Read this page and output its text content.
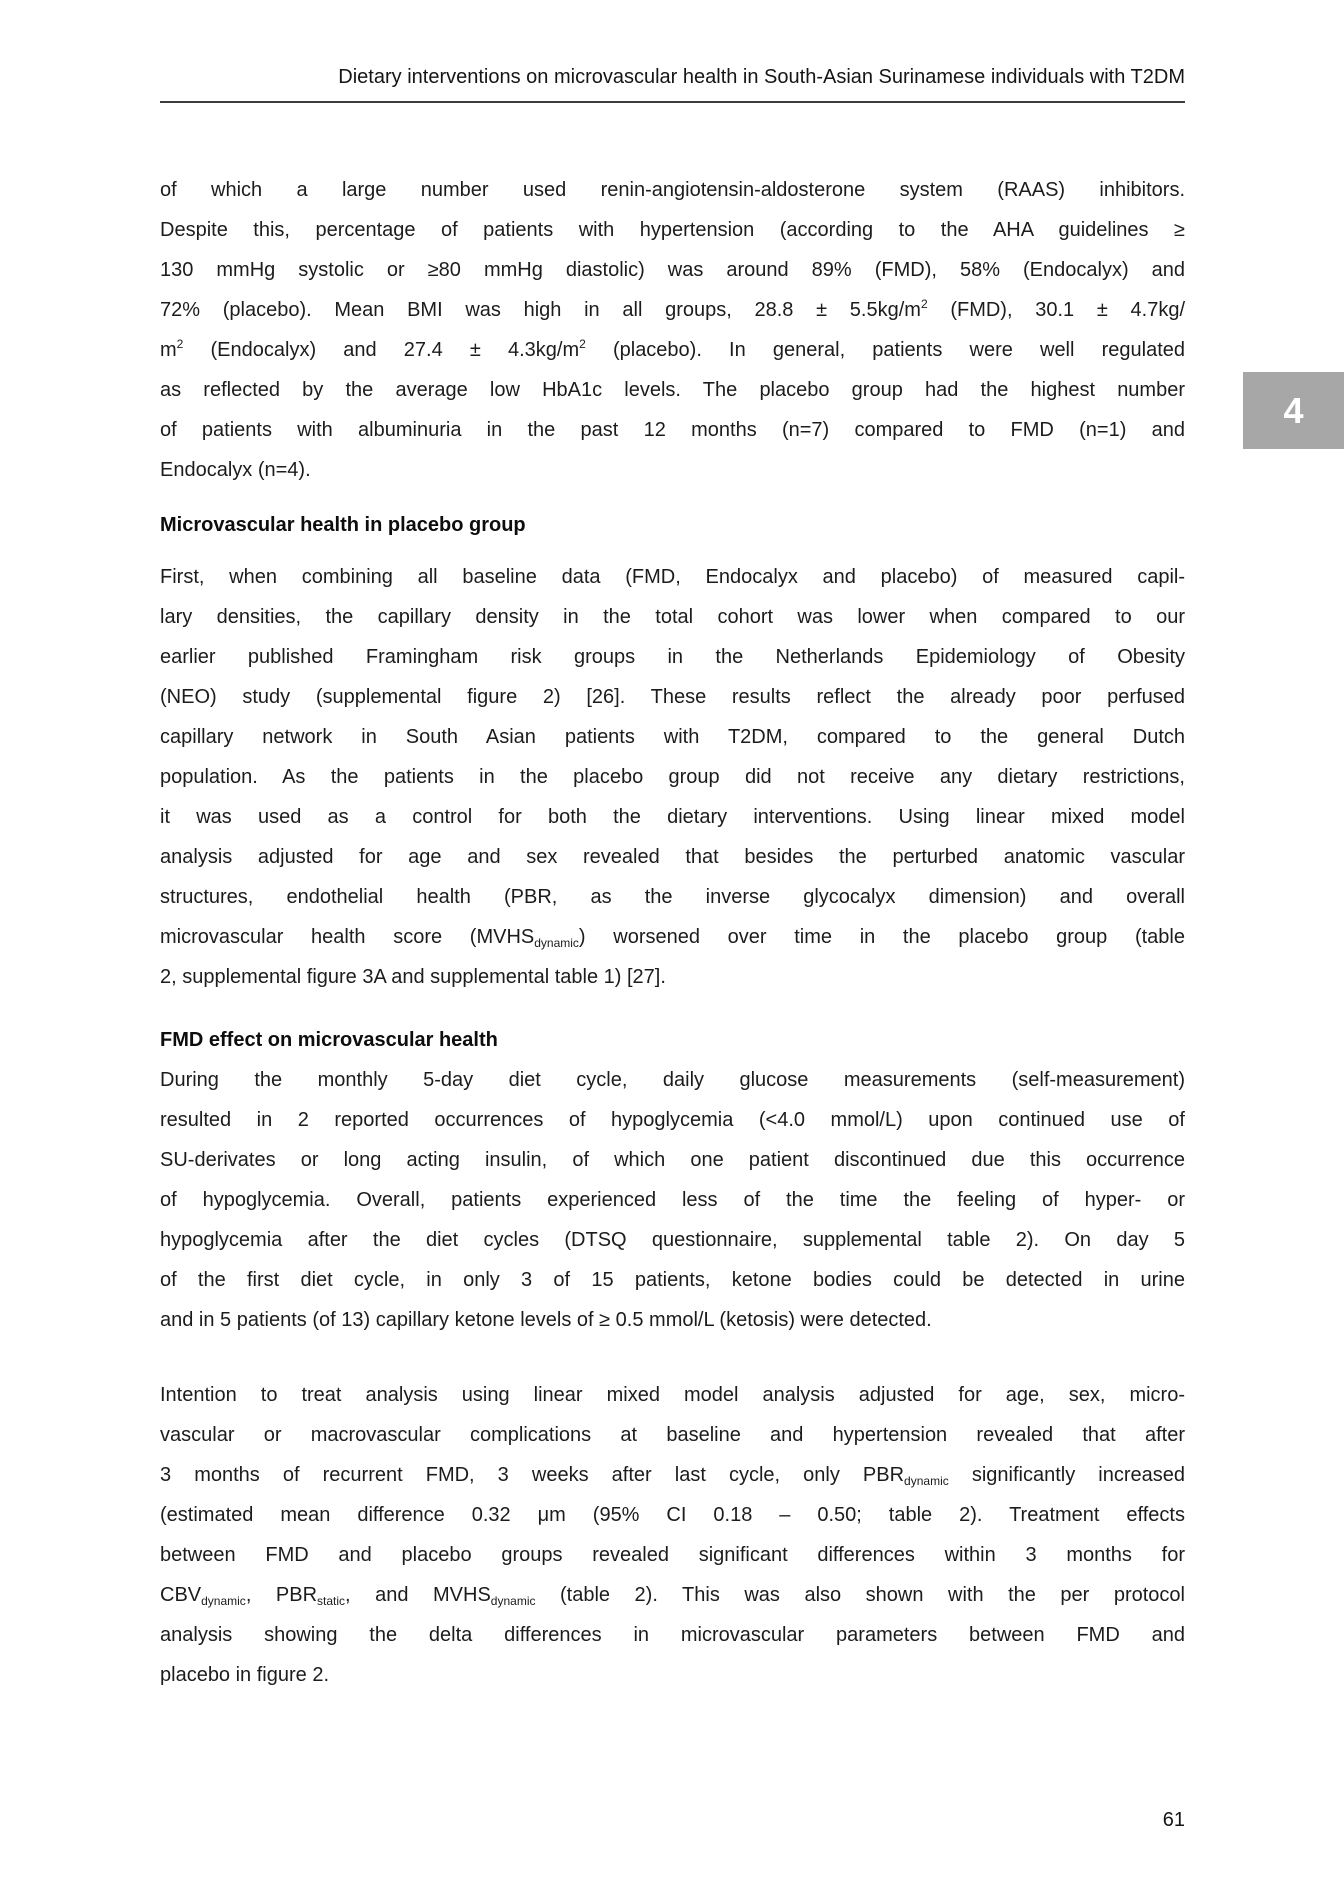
Dietary interventions on microvascular health in South-Asian Surinamese individuals with T2DM
4
of which a large number used renin-angiotensin-aldosterone system (RAAS) inhibitors.
Despite this, percentage of patients with hypertension (according to the AHA guidelines ≥
130 mmHg systolic or ≥80 mmHg diastolic) was around 89% (FMD), 58% (Endocalyx) and
72% (placebo). Mean BMI was high in all groups, $28.8 \pm 5.5kg/m^2$ (FMD), 30.1 ± 4.7kg/
$m^2$ (Endocalyx) and $27.4 \pm 4.3kg/m^2$ (placebo). In general, patients were well regulated
as reflected by the average low HbA1c levels. The placebo group had the highest number
of patients with albuminuria in the past 12 months (n=7) compared to FMD (n=1) and
Endocalyx (n=4).
Microvascular health in placebo group
First, when combining all baseline data (FMD, Endocalyx and placebo) of measured capil-
lary densities, the capillary density in the total cohort was lower when compared to our
earlier published Framingham risk groups in the Netherlands Epidemiology of Obesity
(NEO) study (supplemental figure 2) [26]. These results reflect the already poor perfused
capillary network in South Asian patients with T2DM, compared to the general Dutch
population. As the patients in the placebo group did not receive any dietary restrictions,
it was used as a control for both the dietary interventions. Using linear mixed model
analysis adjusted for age and sex revealed that besides the perturbed anatomic vascular
structures, endothelial health (PBR, as the inverse glycocalyx dimension) and overall
microvascular health score $(MVHS_{dynamic})$ worsened over time in the placebo group (table
2, supplemental figure 3A and supplemental table 1) [27].
FMD effect on microvascular health
During the monthly 5-day diet cycle, daily glucose measurements (self-measurement)
resulted in 2 reported occurrences of hypoglycemia (<4.0 mmol/L) upon continued use of
SU-derivates or long acting insulin, of which one patient discontinued due this occurrence
of hypoglycemia. Overall, patients experienced less of the time the feeling of hyper- or
hypoglycemia after the diet cycles (DTSQ questionnaire, supplemental table 2). On day 5
of the first diet cycle, in only 3 of 15 patients, ketone bodies could be detected in urine
and in 5 patients (of 13) capillary ketone levels of ≥ 0.5 mmol/L (ketosis) were detected.
Intention to treat analysis using linear mixed model analysis adjusted for age, sex, micro-
vascular or macrovascular complications at baseline and hypertension revealed that after
3 months of recurrent FMD, 3 weeks after last cycle, only $PBR_{dynamic}$ significantly increased
(estimated mean difference 0.32 μm (95% CI 0.18 – 0.50; table 2). Treatment effects
between FMD and placebo groups revealed significant differences within 3 months for
$CBV_{dynamic}$, $PBR_{static}$, and $MVHS_{dynamic}$ (table 2). This was also shown with the per protocol
analysis showing the delta differences in microvascular parameters between FMD and
placebo in figure 2.
61
